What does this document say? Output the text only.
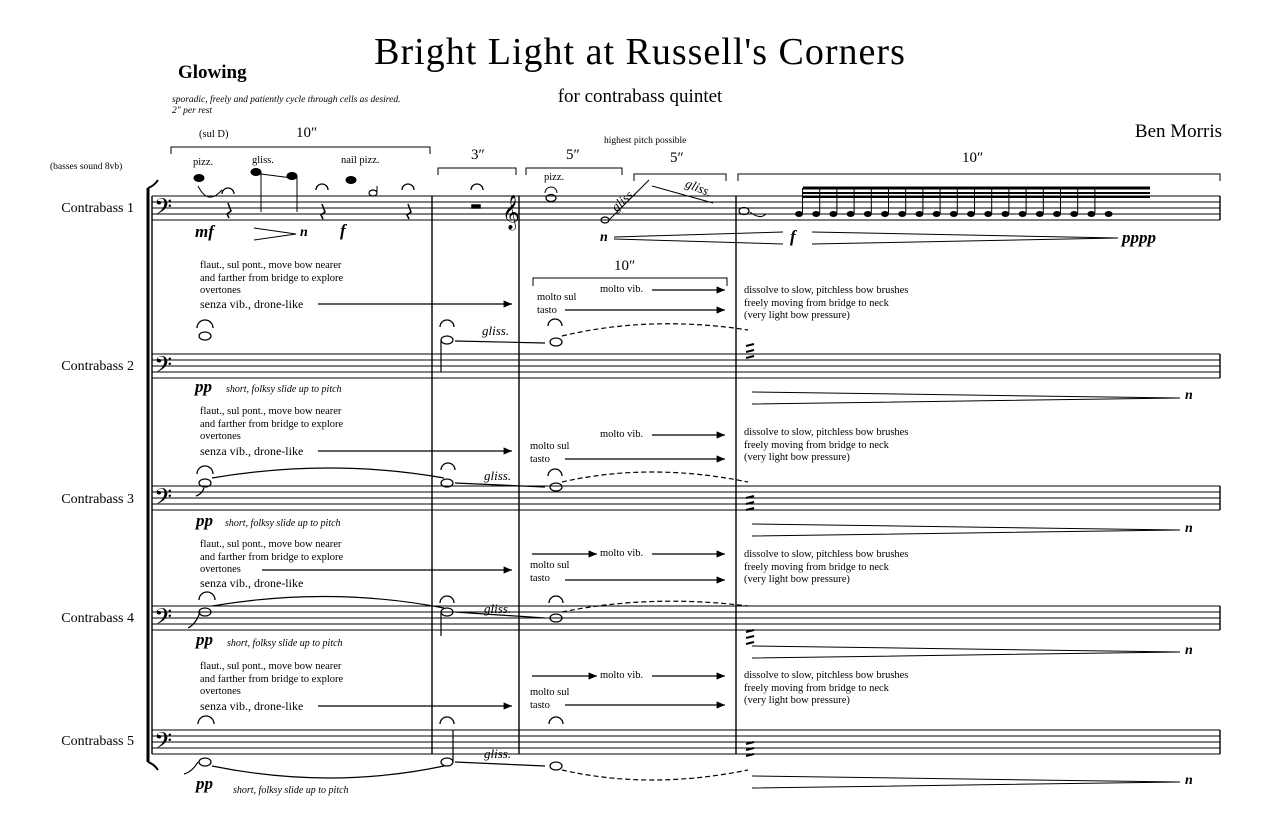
Bright Light at Russell's Corners
for contrabass quintet
Ben Morris
Glowing
sporadic, freely and patiently cycle through cells as desired.
2" per rest
(basses sound 8vb)
Contrabass 1
Contrabass 2
Contrabass 3
Contrabass 4
Contrabass 5
𝄢
𝄢
𝄢
𝄢
𝄢
𝄞
(sul D)	10″
3″	5″	5″	10″
pizz.	gliss.	nail pizz.
pizz.
highest pitch possible
gliss.	gliss.
mf	n f	n	f	pppp
flaut., sul pont., move bow nearer
and farther from bridge to explore
overtones
senza vib., drone-like
10″
molto sul
tasto
molto vib.	dissolve to slow, pitchless bow brushes
freely moving from bridge to neck
(very light bow pressure)
gliss.
pp short, folksy slide up to pitch	n
flaut., sul pont., move bow nearer
and farther from bridge to explore
overtones
senza vib., drone-like	molto sul
tasto
molto vib.	dissolve to slow, pitchless bow brushes
freely moving from bridge to neck
(very light bow pressure)
gliss.
pp short, folksy slide up to pitch	n
flaut., sul pont., move bow nearer
and farther from bridge to explore
overtones
senza vib., drone-like
molto sul
tasto
molto vib.	dissolve to slow, pitchless bow brushes
freely moving from bridge to neck
(very light bow pressure)
gliss.
pp short, folksy slide up to pitch	n
flaut., sul pont., move bow nearer
and farther from bridge to explore
overtones
senza vib., drone-like
molto sul
tasto
molto vib.	dissolve to slow, pitchless bow brushes
freely moving from bridge to neck
(very light bow pressure)
gliss.
pp short, folksy slide up to pitch
n
